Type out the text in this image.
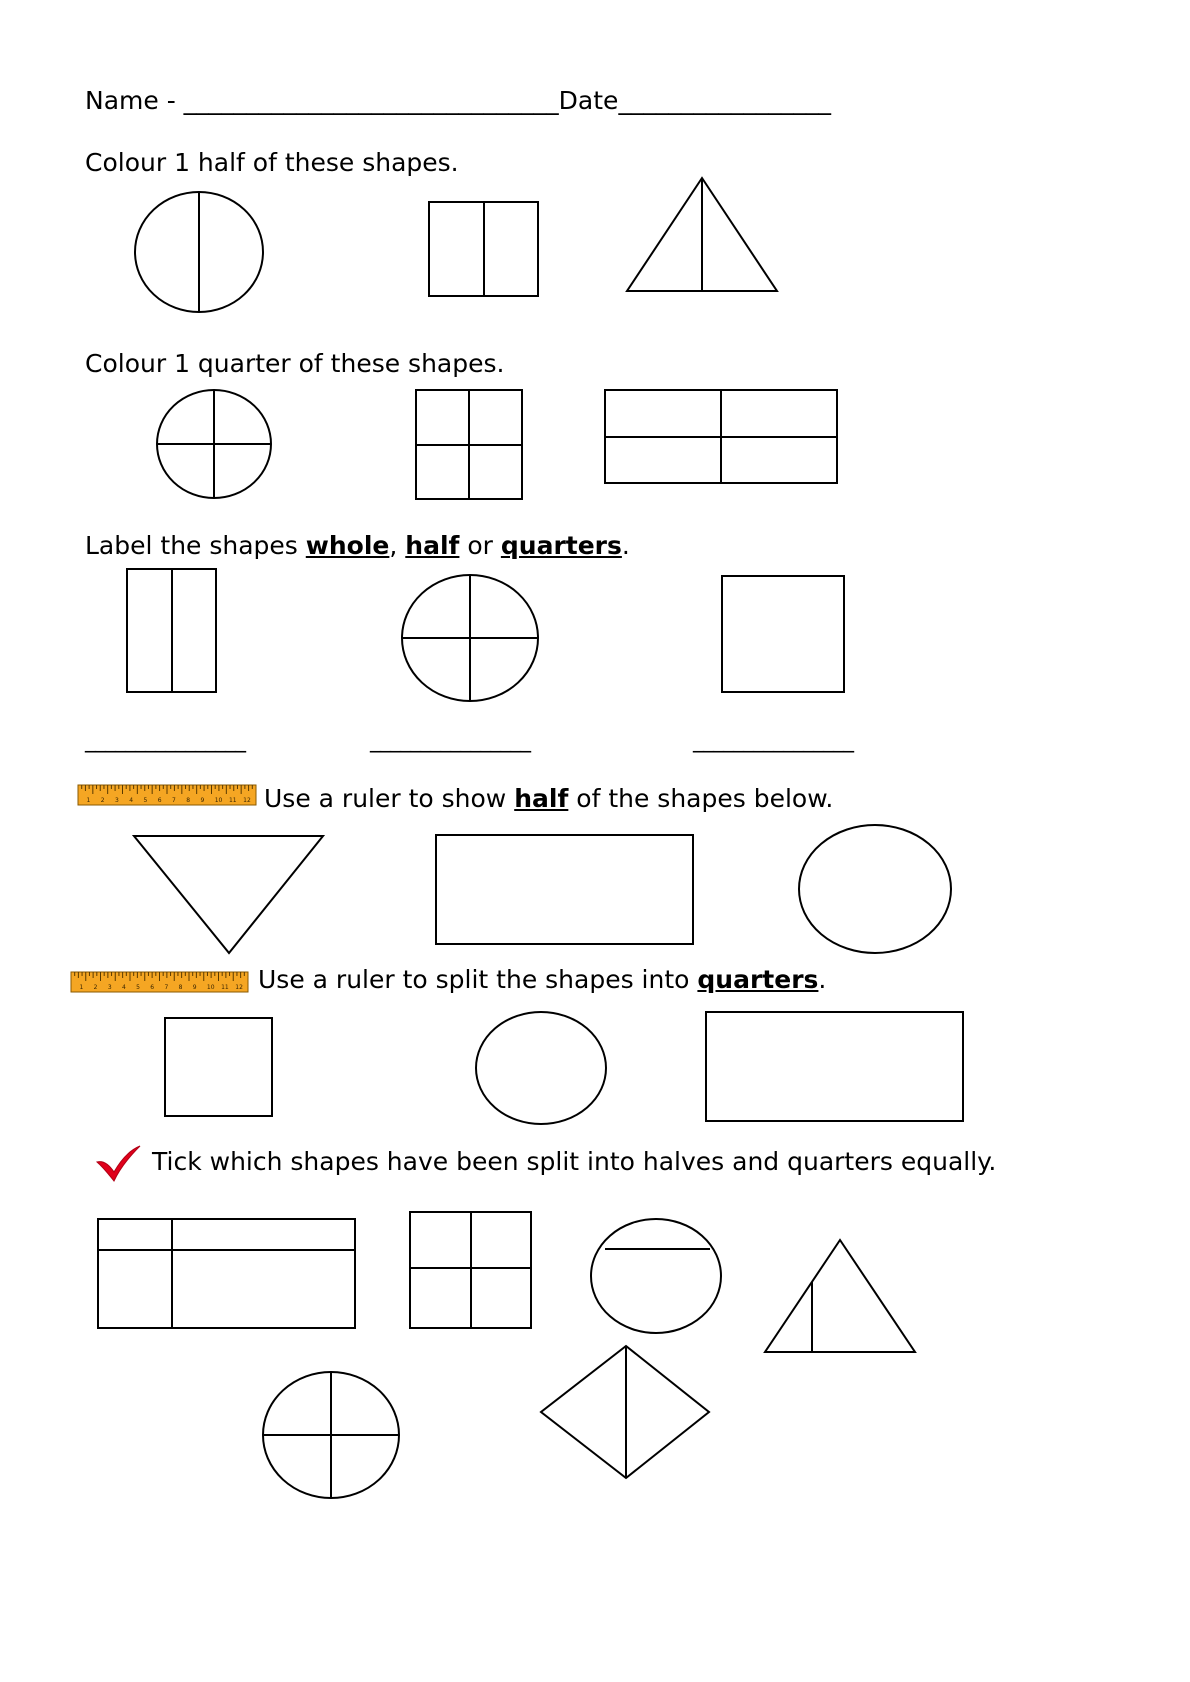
Name - ______________________________Date_________________
Colour 1 half of these shapes.
Colour 1 quarter of these shapes.
Label the shapes whole, half or quarters.
________________	________________	________________
Use a ruler to show half of the shapes below.
Use a ruler to split the shapes into quarters.
Tick which shapes have been split into halves and quarters equally.
1 2 3 4 5 6 7 8 9 10 11 12
1 2 3 4 5 6 7 8 9 10 11 12
